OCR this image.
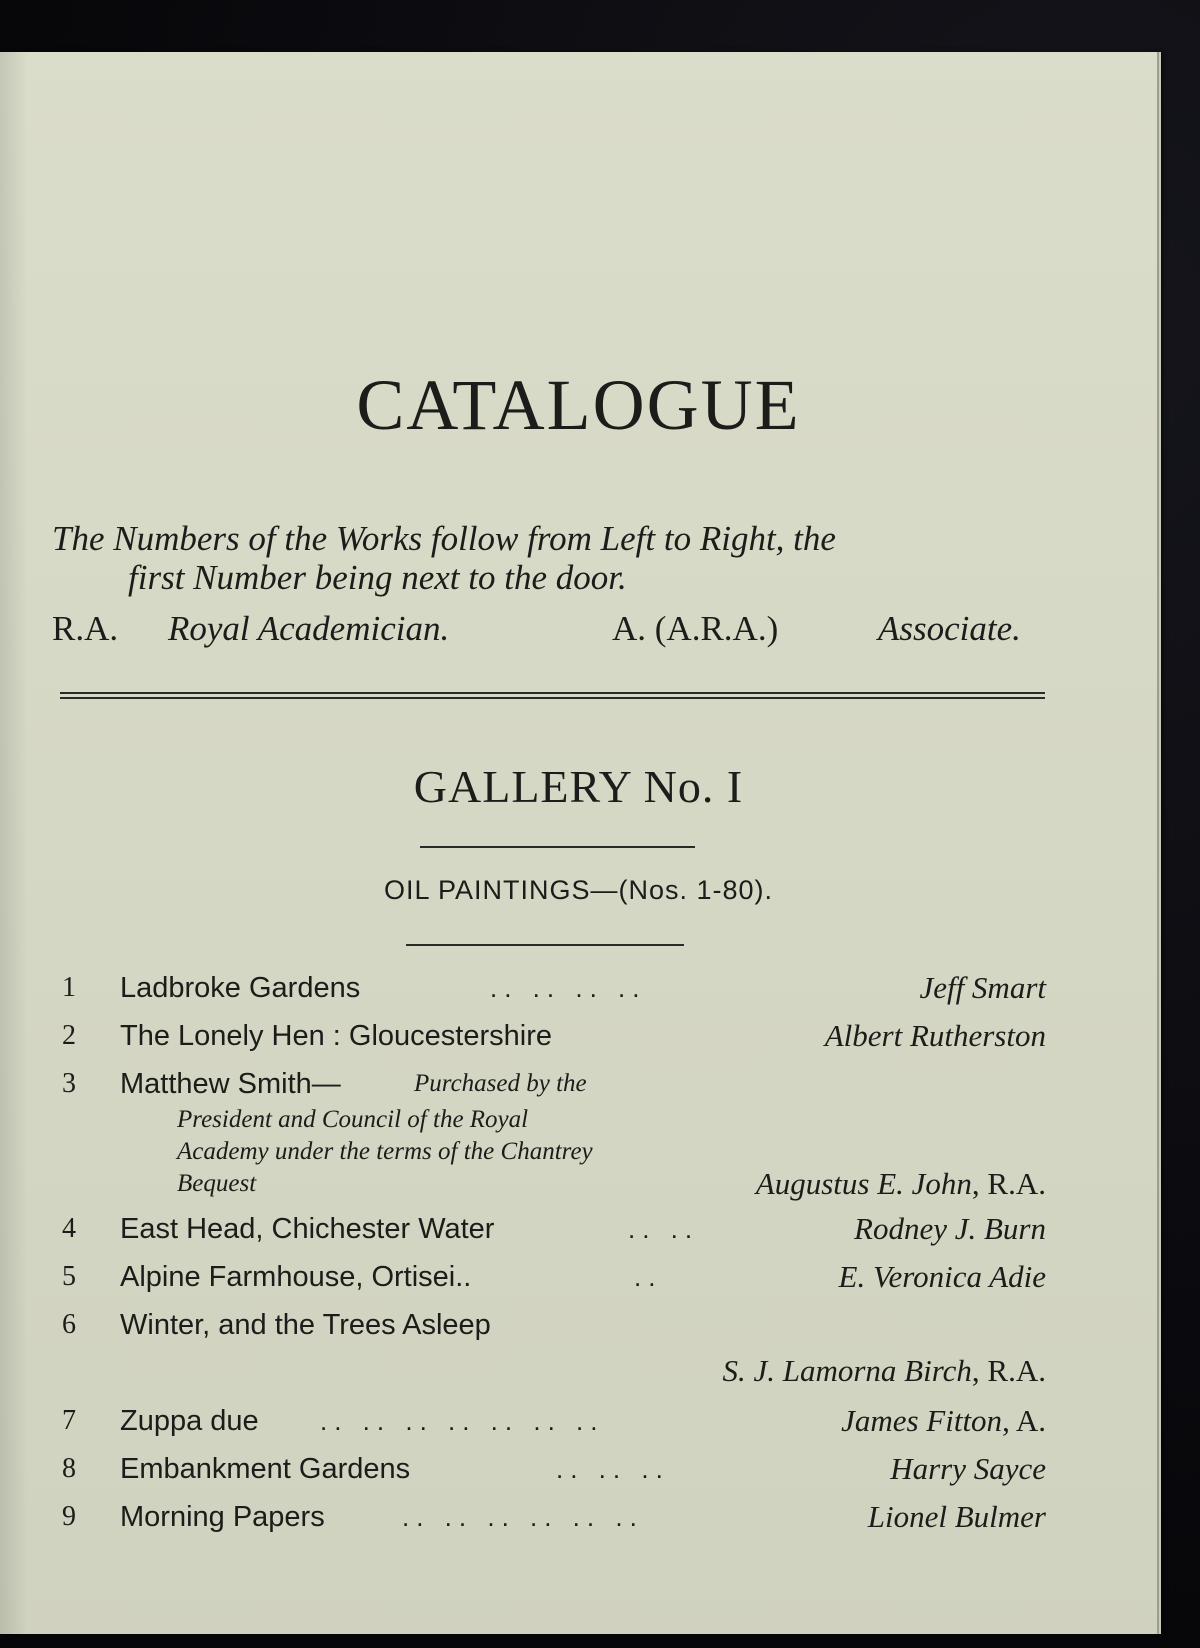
CATALOGUE

The Numbers of the Works follow from Left to Right, the
first Number being next to the door.

R.A. Royal Academician.	A. (A.R.A.)	Associate.
GALLERY No. I
OIL PAINTINGS—(Nos. 1-80).
1 Ladbroke Gardens	.. .. .. ..	Jeff Smart
2 The Lonely Hen : Gloucestershire	Albert Rutherston
3 Matthew Smith—	Purchased by the
President and Council of the Royal
Academy under the terms of the Chantrey
Bequest	Augustus E. John, R.A.
4 East Head, Chichester Water	.. ..	Rodney J. Burn
5 Alpine Farmhouse, Ortisei..	..	E. Veronica Adie
6 Winter, and the Trees Asleep
S. J. Lamorna Birch, R.A.
7 Zuppa due .. .. .. .. .. .. ..	James Fitton, A.
8 Embankment Gardens	.. .. ..	Harry Sayce
9 Morning Papers	.. .. .. .. .. ..	Lionel Bulmer
